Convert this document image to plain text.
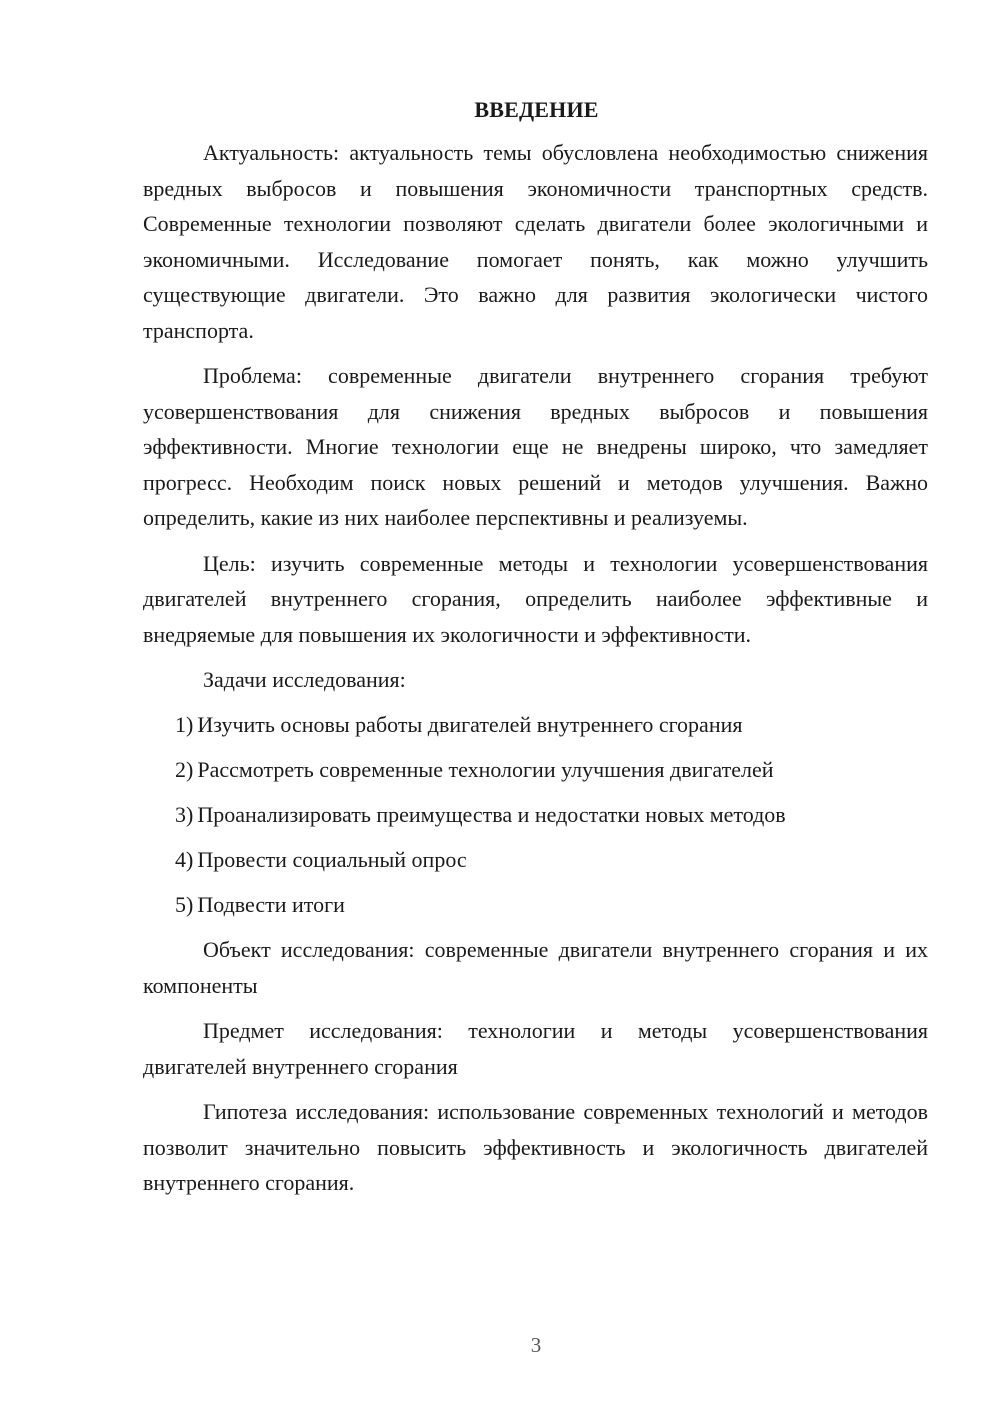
ВВЕДЕНИЕ

Актуальность: актуальность темы обусловлена необходимостью снижения вредных выбросов и повышения экономичности транспортных средств. Современные технологии позволяют сделать двигатели более экологичными и экономичными. Исследование помогает понять, как можно улучшить существующие двигатели. Это важно для развития экологически чистого транспорта.

Проблема: современные двигатели внутреннего сгорания требуют усовершенствования для снижения вредных выбросов и повышения эффективности. Многие технологии еще не внедрены широко, что замедляет прогресс. Необходим поиск новых решений и методов улучшения. Важно определить, какие из них наиболее перспективны и реализуемы.

Цель: изучить современные методы и технологии усовершенствования двигателей внутреннего сгорания, определить наиболее эффективные и внедряемые для повышения их экологичности и эффективности.

Задачи исследования:

1) Изучить основы работы двигателей внутреннего сгорания
2) Рассмотреть современные технологии улучшения двигателей
3) Проанализировать преимущества и недостатки новых методов
4) Провести социальный опрос
5) Подвести итоги

Объект исследования: современные двигатели внутреннего сгорания и их компоненты

Предмет исследования: технологии и методы усовершенствования двигателей внутреннего сгорания

Гипотеза исследования: использование современных технологий и методов позволит значительно повысить эффективность и экологичность двигателей внутреннего сгорания.

3
